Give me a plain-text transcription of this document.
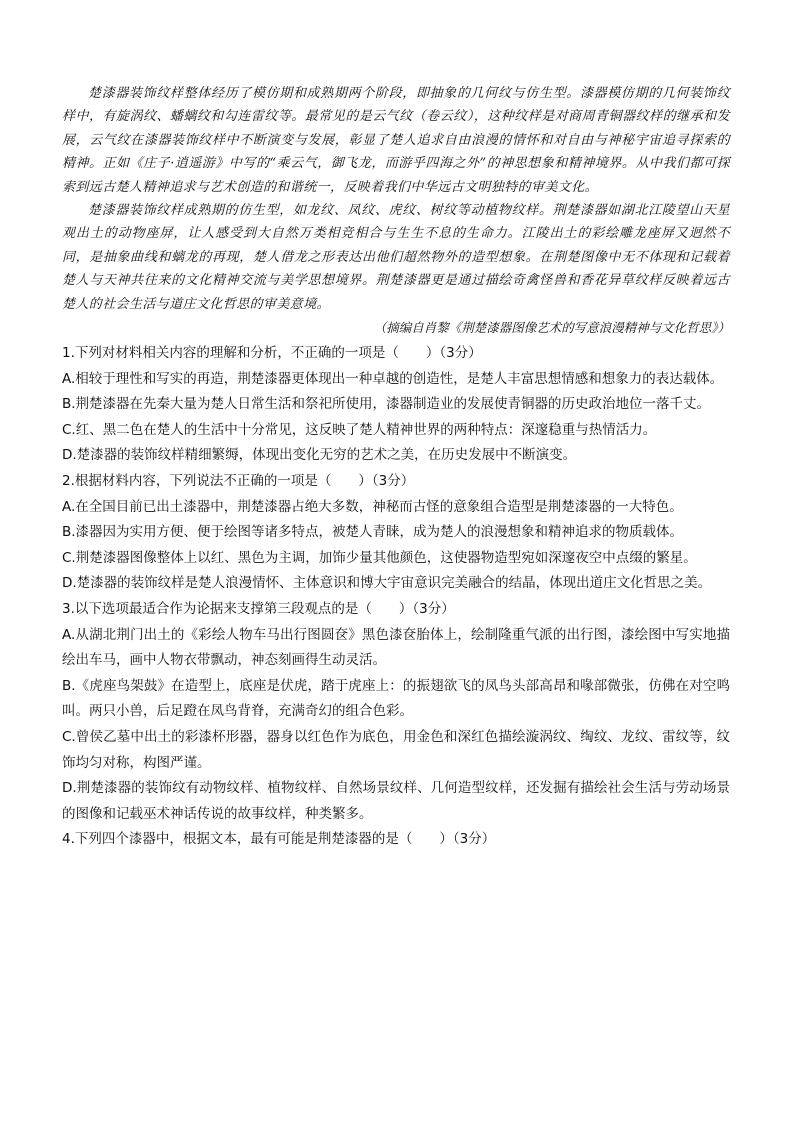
楚漆器装饰纹样整体经历了模仿期和成熟期两个阶段，即抽象的几何纹与仿生型。漆器模仿期的几何装饰纹样中，有旋涡纹、蟠螭纹和勾连雷纹等。最常见的是云气纹（卷云纹），这种纹样是对商周青铜器纹样的继承和发展，云气纹在漆器装饰纹样中不断演变与发展，彰显了楚人追求自由浪漫的情怀和对自由与神秘宇宙追寻探索的精神。正如《庄子·逍遥游》中写的“乘云气，御飞龙，而游乎四海之外”的神思想象和精神境界。从中我们都可探索到远古楚人精神追求与艺术创造的和谐统一，反映着我们中华远古文明独特的审美文化。

楚漆器装饰纹样成熟期的仿生型，如龙纹、凤纹、虎纹、树纹等动植物纹样。荆楚漆器如湖北江陵望山天星观出土的动物座屏，让人感受到大自然万类相竞相合与生生不息的生命力。江陵出土的彩绘雕龙座屏又迥然不同，是抽象曲线和螭龙的再现，楚人借龙之形表达出他们超然物外的造型想象。在荆楚图像中无不体现和记载着楚人与天神共往来的文化精神交流与美学思想境界。荆楚漆器更是通过描绘奇禽怪兽和香花异草纹样反映着远古楚人的社会生活与道庄文化哲思的审美意境。

（摘编自肖黎《荆楚漆器图像艺术的写意浪漫精神与文化哲思》）

1.下列对材料相关内容的理解和分析，不正确的一项是（　　）（3分）

A.相较于理性和写实的再造，荆楚漆器更体现出一种卓越的创造性，是楚人丰富思想情感和想象力的表达载体。

B.荆楚漆器在先秦大量为楚人日常生活和祭祀所使用，漆器制造业的发展使青铜器的历史政治地位一落千丈。

C.红、黑二色在楚人的生活中十分常见，这反映了楚人精神世界的两种特点：深邃稳重与热情活力。

D.楚漆器的装饰纹样精细繁缛，体现出变化无穷的艺术之美，在历史发展中不断演变。

2.根据材料内容，下列说法不正确的一项是（　　）（3分）

A.在全国目前已出土漆器中，荆楚漆器占绝大多数，神秘而古怪的意象组合造型是荆楚漆器的一大特色。

B.漆器因为实用方便、便于绘图等诸多特点，被楚人青睐，成为楚人的浪漫想象和精神追求的物质载体。

C.荆楚漆器图像整体上以红、黑色为主调，加饰少量其他颜色，这使器物造型宛如深邃夜空中点缀的繁星。

D.楚漆器的装饰纹样是楚人浪漫情怀、主体意识和博大宇宙意识完美融合的结晶，体现出道庄文化哲思之美。

3.以下选项最适合作为论据来支撑第三段观点的是（　　）（3分）

A.从湖北荆门出土的《彩绘人物车马出行图圆奁》黑色漆奁胎体上，绘制隆重气派的出行图，漆绘图中写实地描绘出车马，画中人物衣带飘动，神态刻画得生动灵活。

B.《虎座鸟架鼓》在造型上，底座是伏虎，踏于虎座上：的振翅欲飞的凤鸟头部高昂和喙部微张，仿佛在对空鸣叫。两只小兽，后足蹬在凤鸟背脊，充满奇幻的组合色彩。

C.曾侯乙墓中出土的彩漆杯形器，器身以红色作为底色，用金色和深红色描绘漩涡纹、绹纹、龙纹、雷纹等，纹饰均匀对称，构图严谨。

D.荆楚漆器的装饰纹有动物纹样、植物纹样、自然场景纹样、几何造型纹样，还发掘有描绘社会生活与劳动场景的图像和记载巫术神话传说的故事纹样，种类繁多。

4.下列四个漆器中，根据文本，最有可能是荆楚漆器的是（　　）（3分）
